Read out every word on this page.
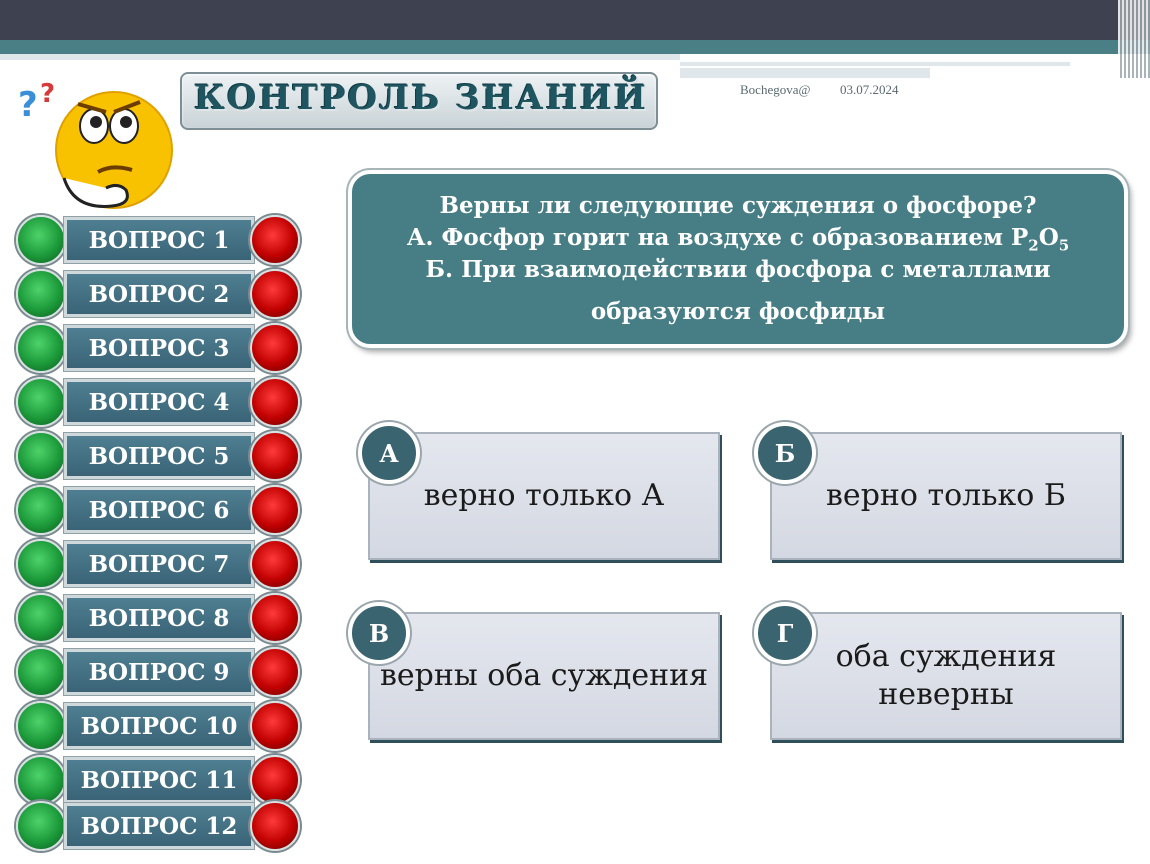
? ?	КОНТРОЛЬ ЗНАНИЙ	Bochegova@ 03.07.2024
ВОПРОС 1
ВОПРОС 2
ВОПРОС 3
ВОПРОС 4
ВОПРОС 5
ВОПРОС 6
ВОПРОС 7
ВОПРОС 8
ВОПРОС 9
ВОПРОС 10
ВОПРОС 11
ВОПРОС 12
Верны ли следующие суждения о фосфоре?
А. Фосфор горит на воздухе с образованием $P_2O_5$
Б. При взаимодействии фосфора с металлами
образуются фосфиды
верно только А
А
верно только Б
Б
верны оба суждения
В
оба суждения неверны
Г
